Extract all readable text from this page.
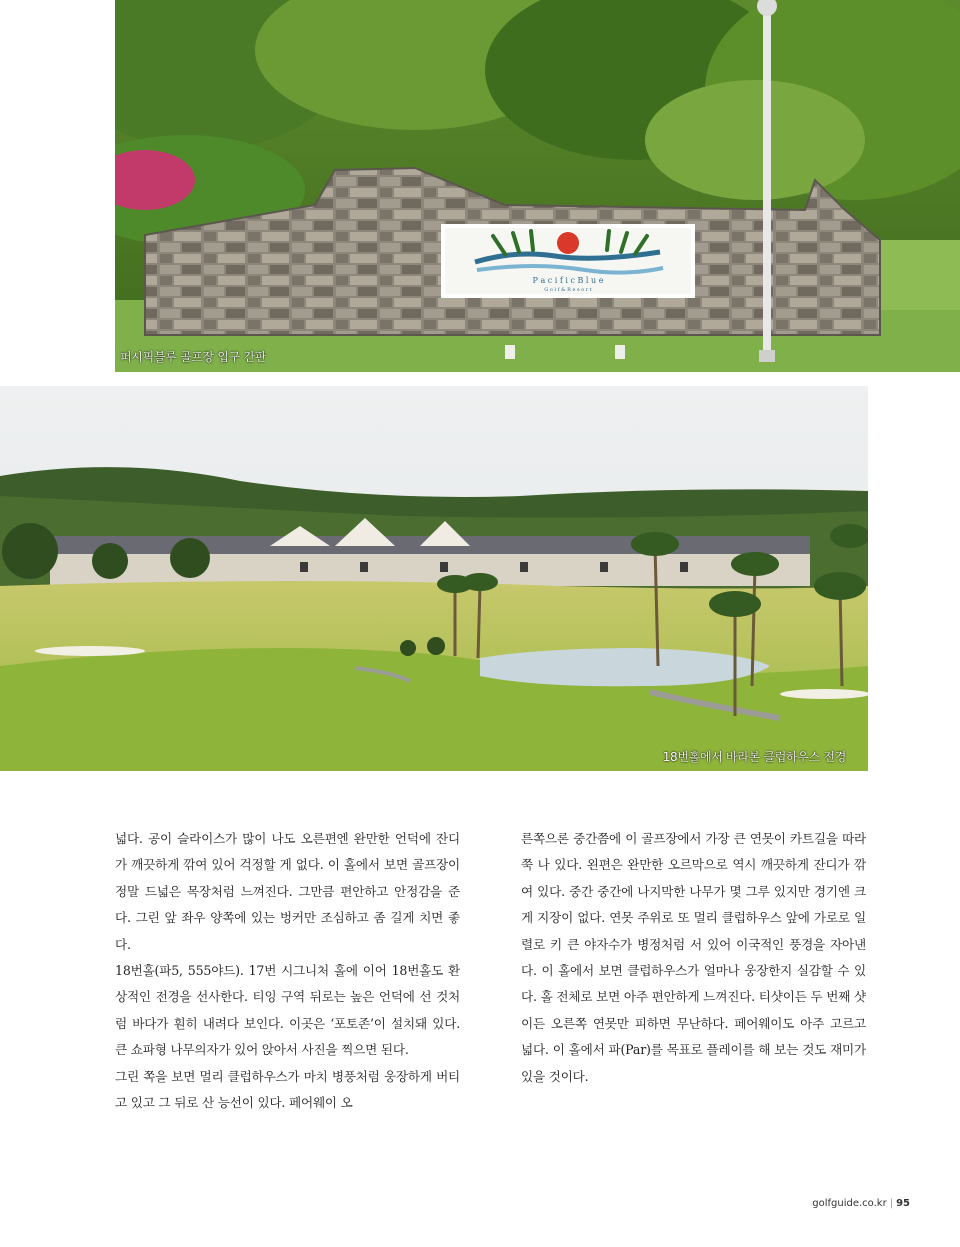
P a c i f i c B l u e
G o l f & R e s o r t
퍼시픽블루 골프장 입구 간판
18번홀에서 바라본 클럽하우스 전경

넓다. 공이 슬라이스가 많이 나도 오른편엔 완만한 언덕에 잔디가 깨끗하게 깎여 있어 걱정할 게 없다. 이 홀에서 보면 골프장이 정말 드넓은 목장처럼 느껴진다. 그만큼 편안하고 안정감을 준다. 그린 앞 좌우 양쪽에 있는 벙커만 조심하고 좀 길게 치면 좋다.

18번홀(파5, 555야드). 17번 시그니처 홀에 이어 18번홀도 환상적인 전경을 선사한다. 티잉 구역 뒤로는 높은 언덕에 선 것처럼 바다가 훤히 내려다 보인다. 이곳은 ‘포토존’이 설치돼 있다. 큰 쇼파형 나무의자가 있어 앉아서 사진을 찍으면 된다.

그린 쪽을 보면 멀리 클럽하우스가 마치 병풍처럼 웅장하게 버티고 있고 그 뒤로 산 능선이 있다. 페어웨이 오

른쪽으론 중간쯤에 이 골프장에서 가장 큰 연못이 카트길을 따라 쭉 나 있다. 왼편은 완만한 오르막으로 역시 깨끗하게 잔디가 깎여 있다. 중간 중간에 나지막한 나무가 몇 그루 있지만 경기엔 크게 지장이 없다. 연못 주위로 또 멀리 클럽하우스 앞에 가로로 일렬로 키 큰 야자수가 병정처럼 서 있어 이국적인 풍경을 자아낸다. 이 홀에서 보면 클럽하우스가 얼마나 웅장한지 실감할 수 있다. 홀 전체로 보면 아주 편안하게 느껴진다. 티샷이든 두 번째 샷이든 오른쪽 연못만 피하면 무난하다. 페어웨이도 아주 고르고 넓다. 이 홀에서 파(Par)를 목표로 플레이를 해 보는 것도 재미가 있을 것이다.

golfguide.co.kr | 95
